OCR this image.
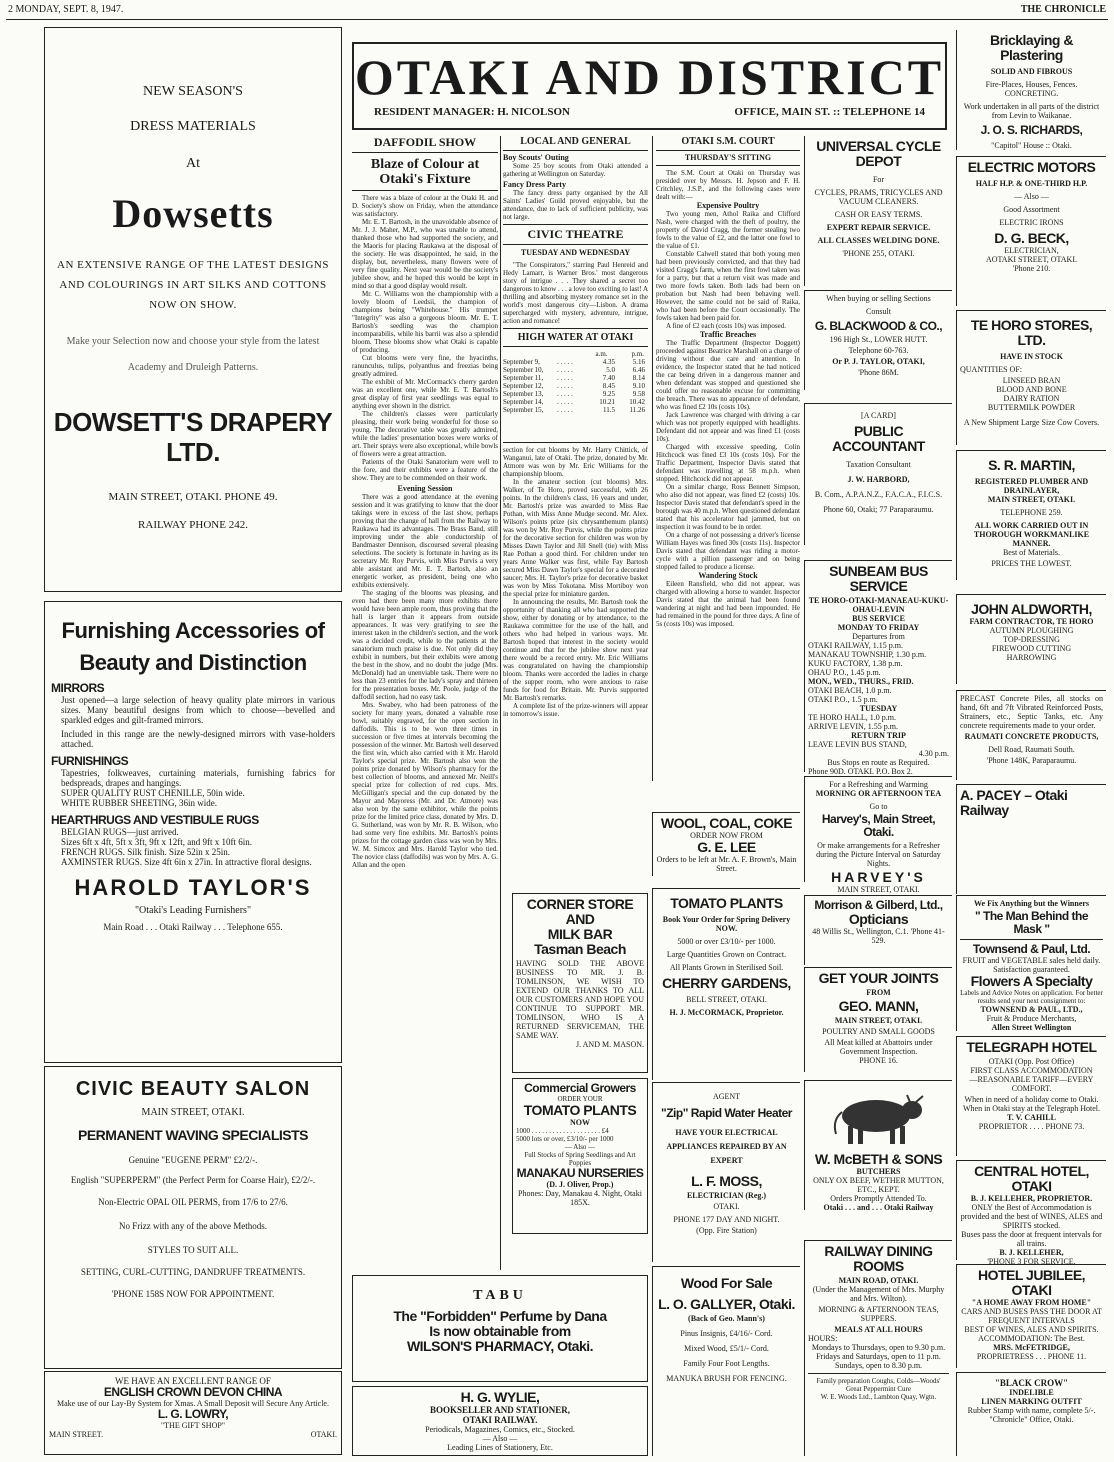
2 MONDAY, SEPT. 8, 1947.	THE CHRONICLE
NEW SEASON'S
DRESS MATERIALS
At
Dowsetts
AN EXTENSIVE RANGE OF THE LATEST DESIGNS AND COLOURINGS IN ART SILKS AND COTTONS NOW ON SHOW.
Make your Selection now and choose your style from the latest Academy and Druleigh Patterns.
DOWSETT'S DRAPERY LTD.
MAIN STREET, OTAKI. PHONE 49.
RAILWAY PHONE 242.
Furnishing Accessories of
Beauty and Distinction
MIRRORS
Just opened—a large selection of heavy quality plate mirrors in various sizes. Many beautiful designs from which to choose—bevelled and sparkled edges and gilt-framed mirrors.
Included in this range are the newly-designed mirrors with vase-holders attached.
FURNISHINGS
Tapestries, folkweaves, curtaining materials, furnishing fabrics for bedspreads, drapes and hangings.
SUPER QUALITY RUST CHENILLE, 50in wide.
WHITE RUBBER SHEETING, 36in wide.
HEARTHRUGS AND VESTIBULE RUGS
BELGIAN RUGS—just arrived.
Sizes 6ft x 4ft, 5ft x 3ft, 9ft x 12ft, and 9ft x 10ft 6in.
FRENCH RUGS. Silk finish. Size 52in x 25in.
AXMINSTER RUGS. Size 4ft 6in x 27in. In attractive floral designs.
HAROLD TAYLOR'S
"Otaki's Leading Furnishers"
Main Road . . . Otaki Railway . . . Telephone 655.
CIVIC BEAUTY SALON
MAIN STREET, OTAKI.
PERMANENT WAVING SPECIALISTS
Genuine "EUGENE PERM" £2/2/-.
English "SUPERPERM" (the Perfect Perm for Coarse Hair), £2/2/-.
Non-Electric OPAL OIL PERMS, from 17/6 to 27/6.
No Frizz with any of the above Methods.
STYLES TO SUIT ALL.
SETTING, CURL-CUTTING, DANDRUFF TREATMENTS.
'PHONE 158S NOW FOR APPOINTMENT.
WE HAVE AN EXCELLENT RANGE OF
ENGLISH CROWN DEVON CHINA
Make use of our Lay-By System for Xmas. A Small Deposit will Secure Any Article.
L. G. LOWRY,
"THE GIFT SHOP"
MAIN STREET.	OTAKI.
OTAKI AND DISTRICT
RESIDENT MANAGER: H. NICOLSON	OFFICE, MAIN ST. :: TELEPHONE 14
DAFFODIL SHOW
Blaze of Colour at Otaki's Fixture
There was a blaze of colour at the Otaki H. and D. Society's show on Friday, when the attendance was satisfactory.
Mr. E. T. Bartosh, in the unavoidable absence of Mr. J. J. Maher, M.P., who was unable to attend, thanked those who had supported the society, and the Maoris for placing Raukawa at the disposal of the society. He was disappointed, he said, in the display, but, nevertheless, many flowers were of very fine quality. Next year would be the society's jubilee show, and he hoped this would be kept in mind so that a good display would result.
Mr. C. Williams won the championship with a lovely bloom of Leedsii, the champion of champions being "Whitehouse." His trumpet "Integrity" was also a gorgeous bloom. Mr. E. T. Bartosh's seedling was the champion incomparabilis, while his barrii was also a splendid bloom. These blooms show what Otaki is capable of producing.
Cut blooms were very fine, the hyacinths, ranunculus, tulips, polyanthus and freezias being greatly admired.
The exhibit of Mr. McCormack's cherry garden was an excellent one, while Mr. E. T. Bartosh's great display of first year seedlings was equal to anything ever shown in the district.
The children's classes were particularly pleasing, their work being wonderful for those so young. The decorative table was greatly admired, while the ladies' presentation boxes were works of art. Their sprays were also exceptional, while bowls of flowers were a great attraction.
Patients of the Otaki Sanatorium were well to the fore, and their exhibits were a feature of the show. They are to be commended on their work.
Evening Session
There was a good attendance at the evening session and it was gratifying to know that the door takings were in excess of the last show, perhaps proving that the change of hall from the Railway to Raukawa had its advantages. The Brass Band, still improving under the able conductorship of Bandmaster Dennison, discoursed several pleasing selections. The society is fortunate in having as its secretary Mr. Roy Purvis, with Miss Purvis a very able assistant and Mr. E. T. Bartosh, also an energetic worker, as president, being one who exhibits extensively.
The staging of the blooms was pleasing, and even had there been many more exhibits there would have been ample room, thus proving that the hall is larger than it appears from outside appearances. It was very gratifying to see the interest taken in the children's section, and the work was a decided credit, while to the patients at the sanatorium much praise is due. Not only did they exhibit in numbers, but their exhibits were among the best in the show, and no doubt the judge (Mrs. McDonald) had an unenviable task. There were no less than 23 entries for the lady's spray and thirteen for the presentation boxes. Mr. Poole, judge of the daffodil section, had no easy task.
Mrs. Swabey, who had been patroness of the society for many years, donated a valuable rose bowl, suitably engraved, for the open section in daffodils. This is to be won three times in succession or five times at intervals becoming the possession of the winner. Mr. Bartosh well deserved the first win, which also carried with it Mr. Harold Taylor's special prize. Mr. Bartosh also won the points prize donated by Wilson's pharmacy for the best collection of blooms, and annexed Mr. Neill's special prize for collection of red cups. Mrs. McGilligan's special and the cup donated by the Mayor and Mayoress (Mr. and Dr. Atmore) was also won by the same exhibitor, while the points prize for the limited price class, donated by Mrs. D. G. Sutherland, was won by Mr. R. B. Wilson, who had some very fine exhibits. Mr. Bartosh's points prizes for the cottage garden class was won by Mrs. W. M. Simcox and Mrs. Harold Taylor who tied. The novice class (daffodils) was won by Mrs. A. G. Allan and the open
LOCAL AND GENERAL
Boy Scouts' Outing
Some 25 boy scouts from Otaki attended a gathering at Wellington on Saturday.
Fancy Dress Party
The fancy dress party organised by the All Saints' Ladies' Guild proved enjoyable, but the attendance, due to lack of sufficient publicity, was not large.
CIVIC THEATRE
TUESDAY AND WEDNESDAY
"The Conspirators," starring Paul Henreid and Hedy Lamarr, is Warner Bros.' most dangerous story of intrigue . . . They shared a secret too dangerous to know . . . a love too exciting to last! A thrilling and absorbing mystery romance set in the world's most dangerous city—Lisbon. A drama supercharged with mystery, adventure, intrigue, action and romance!
HIGH WATER AT OTAKI
a.m.	p.m.
September 9,	. . . . .	4.35	5.16
September 10,	. . . . .	5.0	6.46
September 11,	. . . . .	7.40	8.14
September 12,	. . . . .	8.45	9.10
September 13,	. . . . .	9.25	9.58
September 14,	. . . . .	10.21	10.42
September 15,	. . . . .	11.5	11.26
section for cut blooms by Mr. Harry Chittick, of Wanganui, late of Otaki. The prize, donated by Mr. Atmore was won by Mr. Eric Williams for the championship bloom.
In the amateur section (cut blooms) Mrs. Walker, of Te Horo, proved successful, with 26 points. In the children's class, 16 years and under, Mr. Bartosh's prize was awarded to Miss Rae Pothan, with Miss Anne Mudge second. Mr. Alex. Wilson's points prize (six chrysanthemum plants) was won by Mr. Roy Purvis, while the points prize for the decorative section for children was won by Misses Dawn Taylor and Jill Snell (tie) with Miss Rae Pothan a good third. For children under ten years Anne Walker was first, while Fay Bartosh secured Miss Dawn Taylor's special for a decorated saucer; Mrs. H. Taylor's prize for decorative basket was won by Miss Tokotana. Miss Mortiboy won the special prize for miniature garden.
In announcing the results, Mr. Bartosh took the opportunity of thanking all who had supported the show, either by donating or by attendance, to the Raukawa committee for the use of the hall, and others who had helped in various ways. Mr. Bartosh hoped that interest in the society would continue and that for the jubilee show next year there would be a record entry. Mr. Eric Williams was congratulated on having the championship bloom. Thanks were accorded the ladies in charge of the supper room, who were anxious to raise funds for food for Britain. Mr. Purvis supported Mr. Bartosh's remarks.
A complete list of the prize-winners will appear in tomorrow's issue.
CORNER STORE AND
MILK BAR
Tasman Beach
HAVING SOLD THE ABOVE BUSINESS TO MR. J. B. TOMLINSON, WE WISH TO EXTEND OUR THANKS TO ALL OUR CUSTOMERS AND HOPE YOU CONTINUE TO SUPPORT MR. TOMLINSON, WHO IS A RETURNED SERVICEMAN, THE SAME WAY.
J. AND M. MASON.
Commercial Growers
ORDER YOUR
TOMATO PLANTS
NOW
1000 . . . . . . . . . . . . . . . . . . . . £4
5000 lots or over, £3/10/- per 1000
— Also —
Full Stocks of Spring Seedlings and Art Poppies
MANAKAU NURSERIES
(D. J. Oliver, Prop.)
Phones: Day, Manakau 4. Night, Otaki 185X.
TABU
The "Forbidden" Perfume by Dana
Is now obtainable from
WILSON'S PHARMACY, Otaki.
H. G. WYLIE,
BOOKSELLER AND STATIONER,
OTAKI RAILWAY.
Periodicals, Magazines, Comics, etc., Stocked.
— Also —
Leading Lines of Stationery, Etc.
OTAKI S.M. COURT
THURSDAY'S SITTING
The S.M. Court at Otaki on Thursday was presided over by Messrs. H. Jepson and F. H. Critchley, J.S.P., and the following cases were dealt with:—
Expensive Poultry
Two young men, Athol Raika and Clifford Nash, were charged with the theft of poultry, the property of David Cragg, the former stealing two fowls to the value of £2, and the latter one fowl to the value of £1.
Constable Calwell stated that both young men had been previously convicted, and that they had visited Cragg's farm, when the first fowl taken was for a party, but that a return visit was made and two more fowls taken. Both lads had been on probation but Nash had been behaving well. However, the same could not be said of Raika, who had been before the Court occasionally. The fowls taken had been paid for.
A fine of £2 each (costs 10s) was imposed.
Traffic Breaches
The Traffic Department (Inspector Doggett) proceeded against Beatrice Marshall on a charge of driving without due care and attention. In evidence, the Inspector stated that he had noticed the car being driven in a dangerous manner and when defendant was stopped and questioned she could offer no reasonable excuse for committing the breach. There was no appearance of defendant, who was fined £2 10s (costs 10s).
Jack Lawrence was charged with driving a car which was not properly equipped with headlights. Defendant did not appear and was fined £1 (costs 10s).
Charged with excessive speeding, Colin Hitchcock was fined £3 10s (costs 10s). For the Traffic Department, Inspector Davis stated that defendant was travelling at 58 m.p.h. when stopped. Hitchcock did not appear.
On a similar charge, Ross Bennett Simpson, who also did not appear, was fined £2 (costs) 10s. Inspector Davis stated that defendant's speed in the borough was 40 m.p.h. When questioned defendant stated that his accelerator had jammed, but on inspection it was found to be in order.
On a charge of not possessing a driver's license William Hayes was fined 30s (costs 11s). Inspector Davis stated that defendant was riding a motor-cycle with a pillion passenger and on being stopped failed to produce a license.
Wandering Stock
Eileen Ransfield, who did not appear, was charged with allowing a horse to wander. Inspector Davis stated that the animal had been found wandering at night and had been impounded. He had remained in the pound for three days. A fine of 5s (costs 10s) was imposed.
WOOL, COAL, COKE
ORDER NOW FROM
G. E. LEE
Orders to be left at Mr. A. F. Brown's, Main Street.
TOMATO PLANTS
Book Your Order for Spring Delivery NOW.
5000 or over £3/10/- per 1000.
Large Quantities Grown on Contract.
All Plants Grown in Sterilised Soil.
CHERRY GARDENS,
BELL STREET, OTAKI.
H. J. McCORMACK, Proprietor.
AGENT
"Zip" Rapid Water Heater
HAVE YOUR ELECTRICAL APPLIANCES REPAIRED BY AN EXPERT
L. F. MOSS,
ELECTRICIAN (Reg.)
OTAKI.
PHONE 177 DAY AND NIGHT.
(Opp. Fire Station)
Wood For Sale
L. O. GALLYER, Otaki.
(Back of Geo. Mann's)
Pinus Insignis, £4/16/- Cord.
Mixed Wood, £5/1/- Cord.
Family Four Foot Lengths.
MANUKA BRUSH FOR FENCING.
UNIVERSAL CYCLE DEPOT
For
CYCLES, PRAMS, TRICYCLES AND VACUUM CLEANERS.
CASH OR EASY TERMS.
EXPERT REPAIR SERVICE.
ALL CLASSES WELDING DONE.
'PHONE 255, OTAKI.
When buying or selling Sections
Consult
G. BLACKWOOD & CO.,
196 High St., LOWER HUTT.
Telephone 60-763.
Or P. J. TAYLOR, OTAKI,
'Phone 86M.
[A CARD]
PUBLIC ACCOUNTANT
Taxation Consultant
J. W. HARBORD,
B. Com., A.P.A.N.Z., F.A.C.A., F.I.C.S.
Phone 60, Otaki; 77 Paraparaumu.
SUNBEAM BUS SERVICE
TE HORO-OTAKI-MANAEAU-KUKU-OHAU-LEVIN
BUS SERVICE
MONDAY TO FRIDAY
Departures from
OTAKI RAILWAY, 1.15 p.m.
MANAKAU TOWNSHIP, 1.30 p.m.
KUKU FACTORY, 1.38 p.m.
OHAU P.O., 1.45 p.m.
MON., WED., THURS., FRID.
OTAKI BEACH, 1.0 p.m.
OTAKI P.O., 1.5 p.m.
TUESDAY
TE HORO HALL, 1.0 p.m.
ARRIVE LEVIN, 1.55 p.m.
RETURN TRIP
LEAVE LEVIN BUS STAND,
4.30 p.m.
Bus Stops en route as Required.
Phone 90D. OTAKI. P.O. Box 2.
For a Refreshing and Warming
MORNING OR AFTERNOON TEA
Go to
Harvey's, Main Street, Otaki.
Or make arrangements for a Refresher during the Picture Interval on Saturday Nights.
HARVEY'S
MAIN STREET, OTAKI.
Morrison & Gilberd, Ltd.,
Opticians
48 Willis St., Wellington, C.1. 'Phone 41-529.
GET YOUR JOINTS
FROM
GEO. MANN,
MAIN STREET, OTAKI.
POULTRY AND SMALL GOODS
All Meat killed at Abattoirs under Government Inspection.
PHONE 16.
W. McBETH & SONS
BUTCHERS
ONLY OX BEEF, WETHER MUTTON, ETC., KEPT.
Orders Promptly Attended To.
Otaki . . . and . . . Otaki Railway
RAILWAY DINING ROOMS
MAIN ROAD, OTAKI.
(Under the Management of Mrs. Murphy and Mrs. Wilton).
MORNING & AFTERNOON TEAS, SUPPERS.
MEALS AT ALL HOURS
HOURS:
Mondays to Thursdays, open to 9.30 p.m.
Fridays and Saturdays, open to 11 p.m.
Sundays, open to 8.30 p.m.
Family preparation Coughs, Colds—Woods' Great Peppermint Cure
W. E. Woods Ltd., Lambton Quay, Wgtn.
Bricklaying & Plastering
SOLID AND FIBROUS
Fire-Places, Houses, Fences. CONCRETING.
Work undertaken in all parts of the district from Levin to Waikanae.
J. O. S. RICHARDS,
"Capitol" House :: Otaki.
ELECTRIC MOTORS
HALF H.P. & ONE-THIRD H.P.
— Also —
Good Assortment
ELECTRIC IRONS
D. G. BECK,
ELECTRICIAN,
AOTAKI STREET, OTAKI.
'Phone 210.
TE HORO STORES, LTD.
HAVE IN STOCK
QUANTITIES OF:
LINSEED BRAN
BLOOD AND BONE
DAIRY RATION
BUTTERMILK POWDER
A New Shipment Large Size Cow Covers.
S. R. MARTIN,
REGISTERED PLUMBER AND DRAINLAYER,
MAIN STREET, OTAKI.
TELEPHONE 259.
ALL WORK CARRIED OUT IN THOROUGH WORKMANLIKE MANNER.
Best of Materials.
PRICES THE LOWEST.
JOHN ALDWORTH,
FARM CONTRACTOR, TE HORO
AUTUMN PLOUGHING
TOP-DRESSING
FIREWOOD CUTTING
HARROWING
PRECAST Concrete Piles, all stocks on hand, 6ft and 7ft Vibrated Reinforced Posts, Strainers, etc., Septic Tanks, etc. Any concrete requirements made to your order.
RAUMATI CONCRETE PRODUCTS,
Dell Road, Raumati South.
'Phone 148K, Paraparaumu.
A. PACEY – Otaki Railway
We Fix Anything but the Winners
" The Man Behind the Mask "
Townsend & Paul, Ltd.
FRUIT and VEGETABLE sales held daily. Satisfaction guaranteed.
Flowers A Specialty
Labels and Advice Notes on application. For better results send your next consignment to:
TOWNSEND & PAUL, LTD.,
Fruit & Produce Merchants,
Allen Street Wellington
TELEGRAPH HOTEL
OTAKI (Opp. Post Office)
FIRST CLASS ACCOMMODATION
—REASONABLE TARIFF—EVERY COMFORT.
When in need of a holiday come to Otaki. When in Otaki stay at the Telegraph Hotel.
T. V. CAHILL
PROPRIETOR . . . . PHONE 73.
CENTRAL HOTEL, OTAKI
B. J. KELLEHER, PROPRIETOR.
ONLY the Best of Accommodation is provided and the best of WINES, ALES and SPIRITS stocked.
Buses pass the door at frequent intervals for all trains.
B. J. KELLEHER,
'PHONE 3 FOR SERVICE.
HOTEL JUBILEE, OTAKI
"A HOME AWAY FROM HOME"
CARS AND BUSES PASS THE DOOR AT FREQUENT INTERVALS
BEST OF WINES, ALES AND SPIRITS.
ACCOMMODATION: The Best.
MRS. McFETRIDGE,
PROPRIETRESS . . . PHONE 11.
"BLACK CROW"
INDELIBLE
LINEN MARKING OUTFIT
Rubber Stamp with name, complete 5/-.
"Chronicle" Office, Otaki.
